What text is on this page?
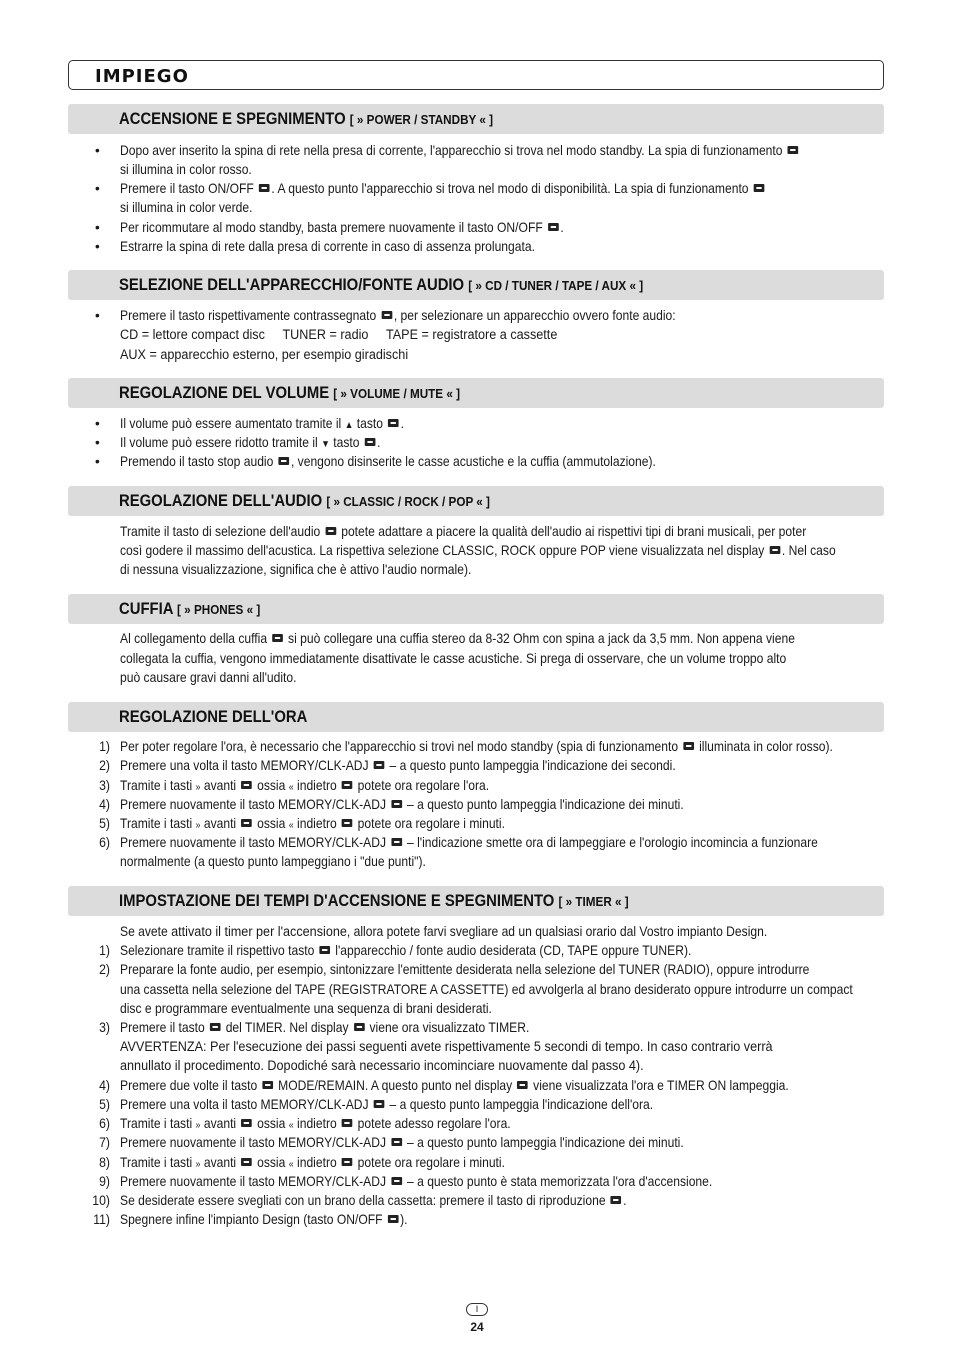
IMPIEGO
ACCENSIONE E SPEGNIMENTO [ » POWER / STANDBY « ]
• Dopo aver inserito la spina di rete nella presa di corrente, l'apparecchio si trova nel modo standby. La spia di funzionamento
si illumina in color rosso.
• Premere il tasto ON/OFF . A questo punto l'apparecchio si trova nel modo di disponibilità. La spia di funzionamento
si illumina in color verde.
• Per ricommutare al modo standby, basta premere nuovamente il tasto ON/OFF .
• Estrarre la spina di rete dalla presa di corrente in caso di assenza prolungata.
SELEZIONE DELL'APPARECCHIO/FONTE AUDIO [ » CD / TUNER / TAPE / AUX « ]
• Premere il tasto rispettivamente contrassegnato , per selezionare un apparecchio ovvero fonte audio:
CD = lettore compact disc TUNER = radio TAPE = registratore a cassette
AUX = apparecchio esterno, per esempio giradischi
REGOLAZIONE DEL VOLUME [ » VOLUME / MUTE « ]
• Il volume può essere aumentato tramite il ▲ tasto .
• Il volume può essere ridotto tramite il ▼ tasto .
• Premendo il tasto stop audio , vengono disinserite le casse acustiche e la cuffia (ammutolazione).
REGOLAZIONE DELL'AUDIO [ » CLASSIC / ROCK / POP « ]
Tramite il tasto di selezione dell'audio potete adattare a piacere la qualità dell'audio ai rispettivi tipi di brani musicali, per poter
così godere il massimo dell'acustica. La rispettiva selezione CLASSIC, ROCK oppure POP viene visualizzata nel display . Nel caso
di nessuna visualizzazione, significa che è attivo l'audio normale).
CUFFIA [ » PHONES « ]
Al collegamento della cuffia si può collegare una cuffia stereo da 8-32 Ohm con spina a jack da 3,5 mm. Non appena viene
collegata la cuffia, vengono immediatamente disattivate le casse acustiche. Si prega di osservare, che un volume troppo alto
può causare gravi danni all'udito.
REGOLAZIONE DELL'ORA
1) Per poter regolare l'ora, è necessario che l'apparecchio si trovi nel modo standby (spia di funzionamento illuminata in color rosso).
2) Premere una volta il tasto MEMORY/CLK-ADJ – a questo punto lampeggia l'indicazione dei secondi.
3) Tramite i tasti » avanti ossia « indietro potete ora regolare l'ora.
4) Premere nuovamente il tasto MEMORY/CLK-ADJ – a questo punto lampeggia l'indicazione dei minuti.
5) Tramite i tasti » avanti ossia « indietro potete ora regolare i minuti.
6) Premere nuovamente il tasto MEMORY/CLK-ADJ – l'indicazione smette ora di lampeggiare e l'orologio incomincia a funzionare
normalmente (a questo punto lampeggiano i "due punti").
IMPOSTAZIONE DEI TEMPI D'ACCENSIONE E SPEGNIMENTO [ » TIMER « ]
Se avete attivato il timer per l'accensione, allora potete farvi svegliare ad un qualsiasi orario dal Vostro impianto Design.
1) Selezionare tramite il rispettivo tasto l'apparecchio / fonte audio desiderata (CD, TAPE oppure TUNER).
2) Preparare la fonte audio, per esempio, sintonizzare l'emittente desiderata nella selezione del TUNER (RADIO), oppure introdurre
una cassetta nella selezione del TAPE (REGISTRATORE A CASSETTE) ed avvolgerla al brano desiderato oppure introdurre un compact
disc e programmare eventualmente una sequenza di brani desiderati.
3) Premere il tasto del TIMER. Nel display viene ora visualizzato TIMER.
AVVERTENZA: Per l'esecuzione dei passi seguenti avete rispettivamente 5 secondi di tempo. In caso contrario verrà
annullato il procedimento. Dopodiché sarà necessario incominciare nuovamente dal passo 4).
4) Premere due volte il tasto MODE/REMAIN. A questo punto nel display viene visualizzata l'ora e TIMER ON lampeggia.
5) Premere una volta il tasto MEMORY/CLK-ADJ – a questo punto lampeggia l'indicazione dell'ora.
6) Tramite i tasti » avanti ossia « indietro potete adesso regolare l'ora.
7) Premere nuovamente il tasto MEMORY/CLK-ADJ – a questo punto lampeggia l'indicazione dei minuti.
8) Tramite i tasti » avanti ossia « indietro potete ora regolare i minuti.
9) Premere nuovamente il tasto MEMORY/CLK-ADJ – a questo punto è stata memorizzata l'ora d'accensione.
10) Se desiderate essere svegliati con un brano della cassetta: premere il tasto di riproduzione .
11) Spegnere infine l'impianto Design (tasto ON/OFF ).
I
24
